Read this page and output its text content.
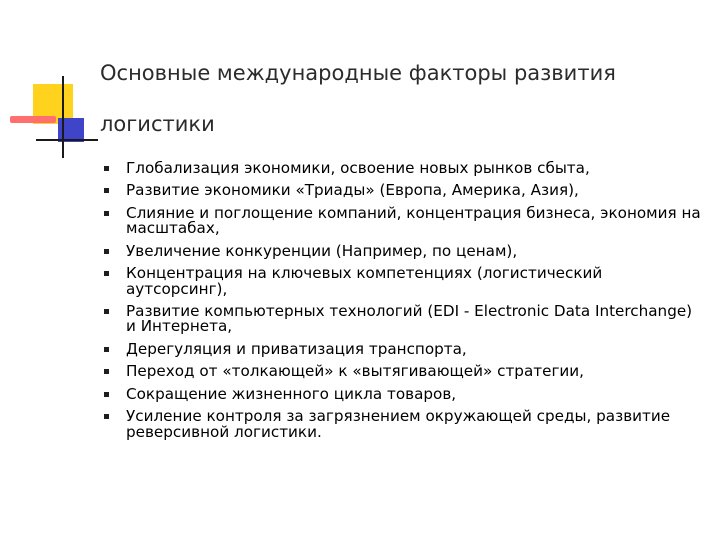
Основные международные факторы развития логистики
Глобализация экономики, освоение новых рынков сбыта,
Развитие экономики «Триады» (Европа, Америка, Азия),
Слияние и поглощение компаний, концентрация бизнеса, экономия на масштабах,
Увеличение конкуренции (Например, по ценам),
Концентрация на ключевых компетенциях (логистический аутсорсинг),
Развитие компьютерных технологий (EDI - Electronic Data Interchange) и Интернета,
Дерегуляция и приватизация транспорта,
Переход от «толкающей» к «вытягивающей» стратегии,
Сокращение жизненного цикла товаров,
Усиление контроля за загрязнением окружающей среды, развитие реверсивной логистики.
